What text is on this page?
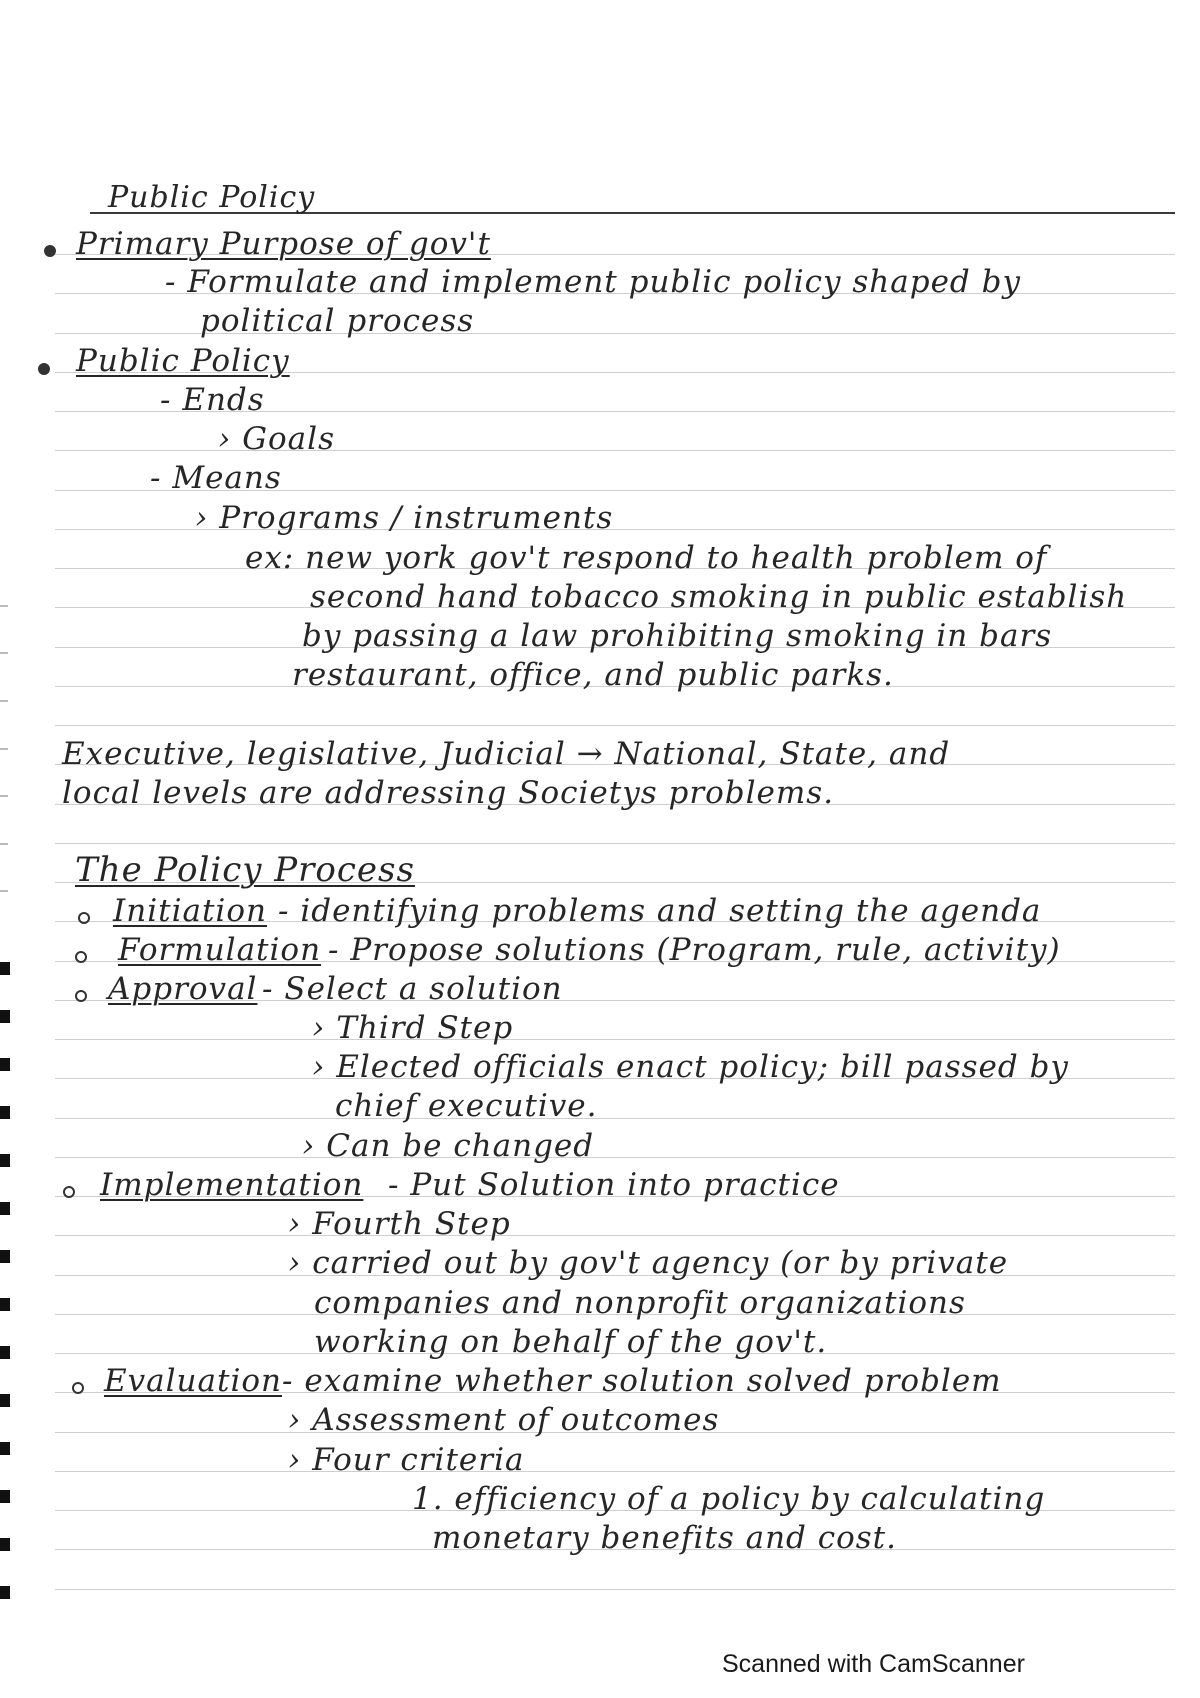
Public Policy
Primary Purpose of gov't
- Formulate and implement public policy shaped by
political process
Public Policy
- Ends
› Goals
- Means
› Programs / instruments
ex: new york gov't respond to health problem of
second hand tobacco smoking in public establish
by passing a law prohibiting smoking in bars
restaurant, office, and public parks.
Executive, legislative, Judicial → National, State, and
local levels are addressing Societys problems.
The Policy Process
Initiation - identifying problems and setting the agenda
Formulation - Propose solutions (Program, rule, activity)
Approval - Select a solution
› Third Step
› Elected officials enact policy; bill passed by
chief executive.
› Can be changed
Implementation - Put Solution into practice
› Fourth Step
› carried out by gov't agency (or by private
companies and nonprofit organizations
working on behalf of the gov't.
Evaluation - examine whether solution solved problem
› Assessment of outcomes
› Four criteria
1. efficiency of a policy by calculating
monetary benefits and cost.
Scanned with CamScanner
